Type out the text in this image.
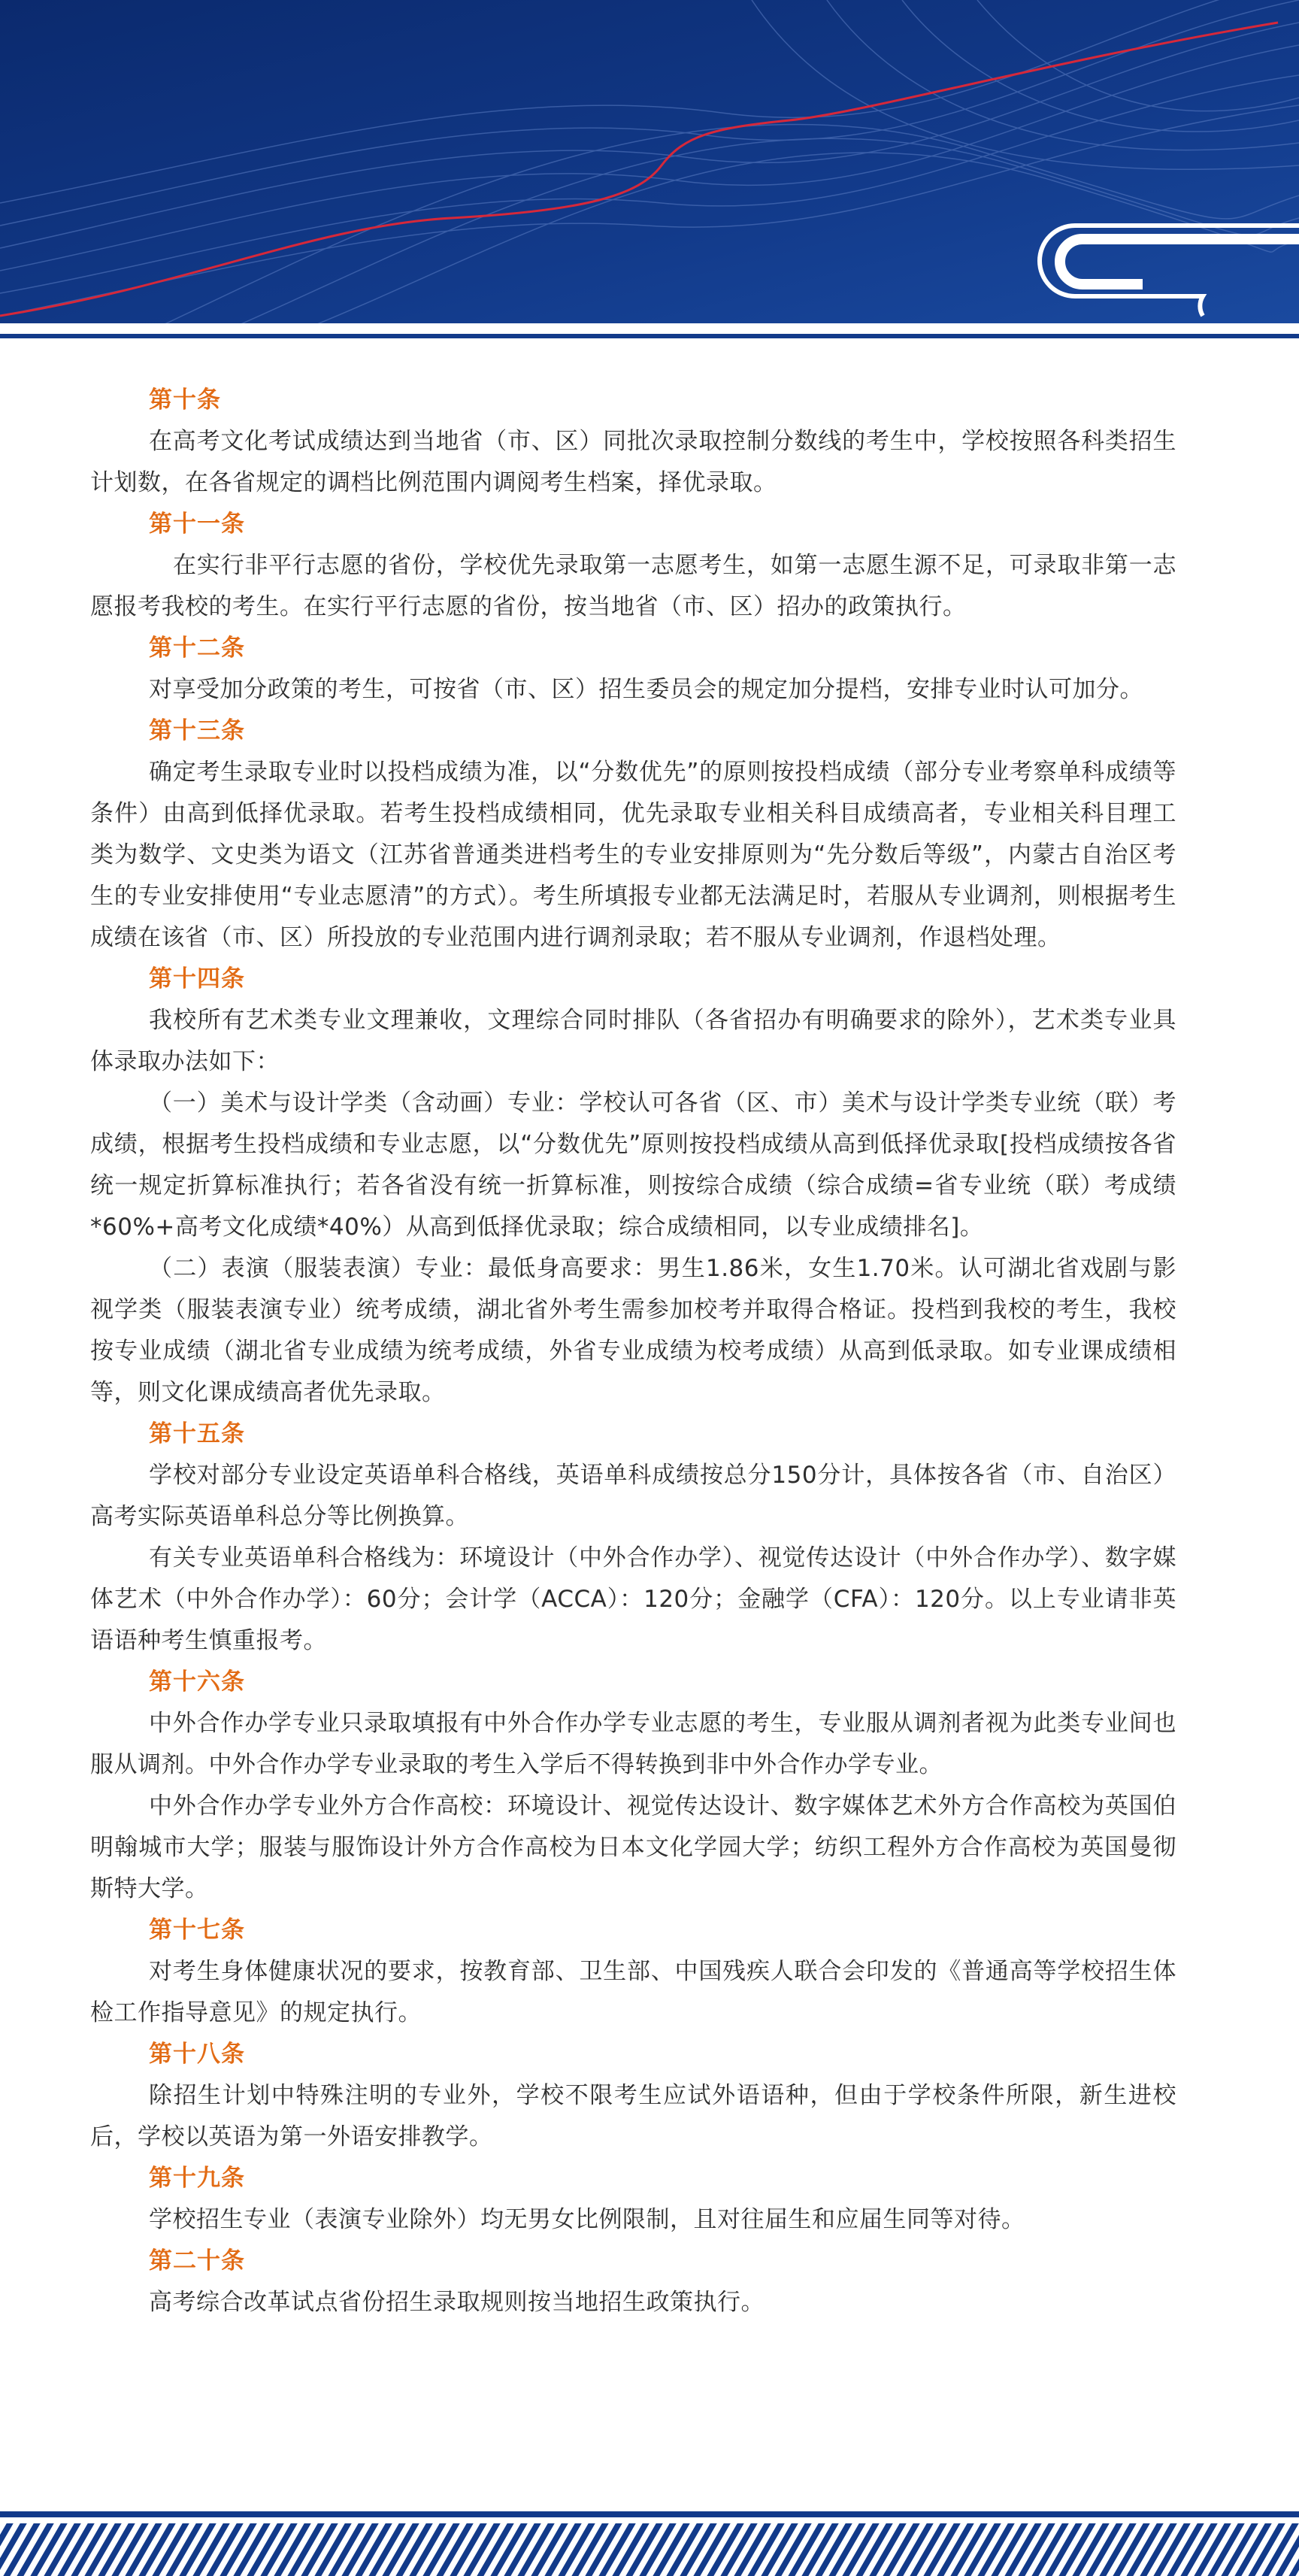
第十条

在高考文化考试成绩达到当地省（市、区）同批次录取控制分数线的考生中，学校按照各科类招生计划数，在各省规定的调档比例范围内调阅考生档案，择优录取。

第十一条

在实行非平行志愿的省份，学校优先录取第一志愿考生，如第一志愿生源不足，可录取非第一志愿报考我校的考生。在实行平行志愿的省份，按当地省（市、区）招办的政策执行。

第十二条

对享受加分政策的考生，可按省（市、区）招生委员会的规定加分提档，安排专业时认可加分。

第十三条

确定考生录取专业时以投档成绩为准，以“分数优先”的原则按投档成绩（部分专业考察单科成绩等条件）由高到低择优录取。若考生投档成绩相同，优先录取专业相关科目成绩高者，专业相关科目理工类为数学、文史类为语文（江苏省普通类进档考生的专业安排原则为“先分数后等级”，内蒙古自治区考生的专业安排使用“专业志愿清”的方式）。考生所填报专业都无法满足时，若服从专业调剂，则根据考生成绩在该省（市、区）所投放的专业范围内进行调剂录取；若不服从专业调剂，作退档处理。

第十四条

我校所有艺术类专业文理兼收，文理综合同时排队（各省招办有明确要求的除外），艺术类专业具体录取办法如下：

（一）美术与设计学类（含动画）专业：学校认可各省（区、市）美术与设计学类专业统（联）考成绩，根据考生投档成绩和专业志愿，以“分数优先”原则按投档成绩从高到低择优录取[投档成绩按各省统一规定折算标准执行；若各省没有统一折算标准，则按综合成绩（综合成绩=省专业统（联）考成绩*60%+高考文化成绩*40%）从高到低择优录取；综合成绩相同，以专业成绩排名]。

（二）表演（服装表演）专业：最低身高要求：男生1.86米，女生1.70米。认可湖北省戏剧与影视学类（服装表演专业）统考成绩，湖北省外考生需参加校考并取得合格证。投档到我校的考生，我校按专业成绩（湖北省专业成绩为统考成绩，外省专业成绩为校考成绩）从高到低录取。如专业课成绩相等，则文化课成绩高者优先录取。

第十五条

学校对部分专业设定英语单科合格线，英语单科成绩按总分150分计，具体按各省（市、自治区）高考实际英语单科总分等比例换算。

有关专业英语单科合格线为：环境设计（中外合作办学）、视觉传达设计（中外合作办学）、数字媒体艺术（中外合作办学）：60分；会计学（ACCA）：120分；金融学（CFA）：120分。以上专业请非英语语种考生慎重报考。

第十六条

中外合作办学专业只录取填报有中外合作办学专业志愿的考生，专业服从调剂者视为此类专业间也服从调剂。中外合作办学专业录取的考生入学后不得转换到非中外合作办学专业。

中外合作办学专业外方合作高校：环境设计、视觉传达设计、数字媒体艺术外方合作高校为英国伯明翰城市大学；服装与服饰设计外方合作高校为日本文化学园大学；纺织工程外方合作高校为英国曼彻斯特大学。

第十七条

对考生身体健康状况的要求，按教育部、卫生部、中国残疾人联合会印发的《普通高等学校招生体检工作指导意见》的规定执行。

第十八条

除招生计划中特殊注明的专业外，学校不限考生应试外语语种，但由于学校条件所限，新生进校后，学校以英语为第一外语安排教学。

第十九条

学校招生专业（表演专业除外）均无男女比例限制，且对往届生和应届生同等对待。

第二十条

高考综合改革试点省份招生录取规则按当地招生政策执行。
